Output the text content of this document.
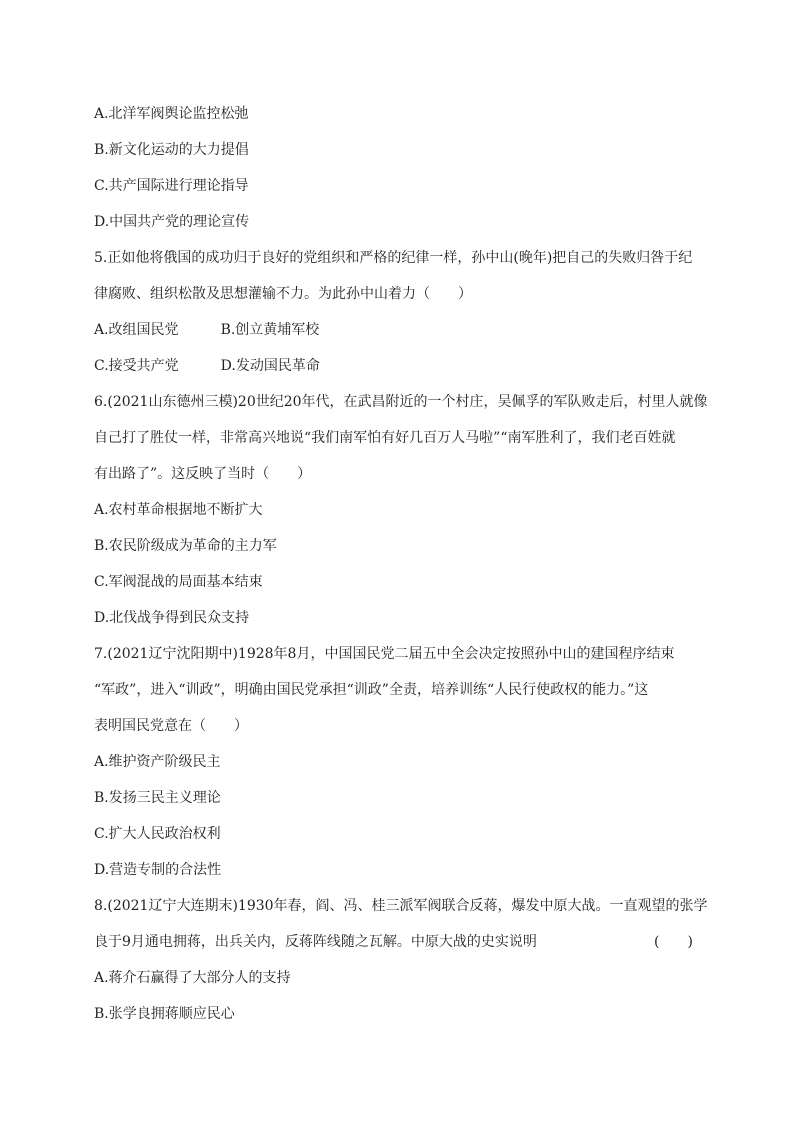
A.北洋军阀舆论监控松弛
B.新文化运动的大力提倡
C.共产国际进行理论指导
D.中国共产党的理论宣传
5.正如他将俄国的成功归于良好的党组织和严格的纪律一样，孙中山(晚年)把自己的失败归咎于纪
律腐败、组织松散及思想灌输不力。为此孙中山着力（　　）
A.改组国民党	B.创立黄埔军校
C.接受共产党	D.发动国民革命
6.(2021山东德州三模)20世纪20年代，在武昌附近的一个村庄，吴佩孚的军队败走后，村里人就像
自己打了胜仗一样，非常高兴地说“我们南军怕有好几百万人马啦”“南军胜利了，我们老百姓就
有出路了”。这反映了当时（　　）
A.农村革命根据地不断扩大
B.农民阶级成为革命的主力军
C.军阀混战的局面基本结束
D.北伐战争得到民众支持
7.(2021辽宁沈阳期中)1928年8月，中国国民党二届五中全会决定按照孙中山的建国程序结束
“军政”，进入“训政”，明确由国民党承担“训政”全责，培养训练“人民行使政权的能力。”这
表明国民党意在（　　）
A.维护资产阶级民主
B.发扬三民主义理论
C.扩大人民政治权利
D.营造专制的合法性
8.(2021辽宁大连期末)1930年春，阎、冯、桂三派军阀联合反蒋，爆发中原大战。一直观望的张学
良于9月通电拥蒋，出兵关内，反蒋阵线随之瓦解。中原大战的史实说明	(　　)
A.蒋介石赢得了大部分人的支持
B.张学良拥蒋顺应民心
